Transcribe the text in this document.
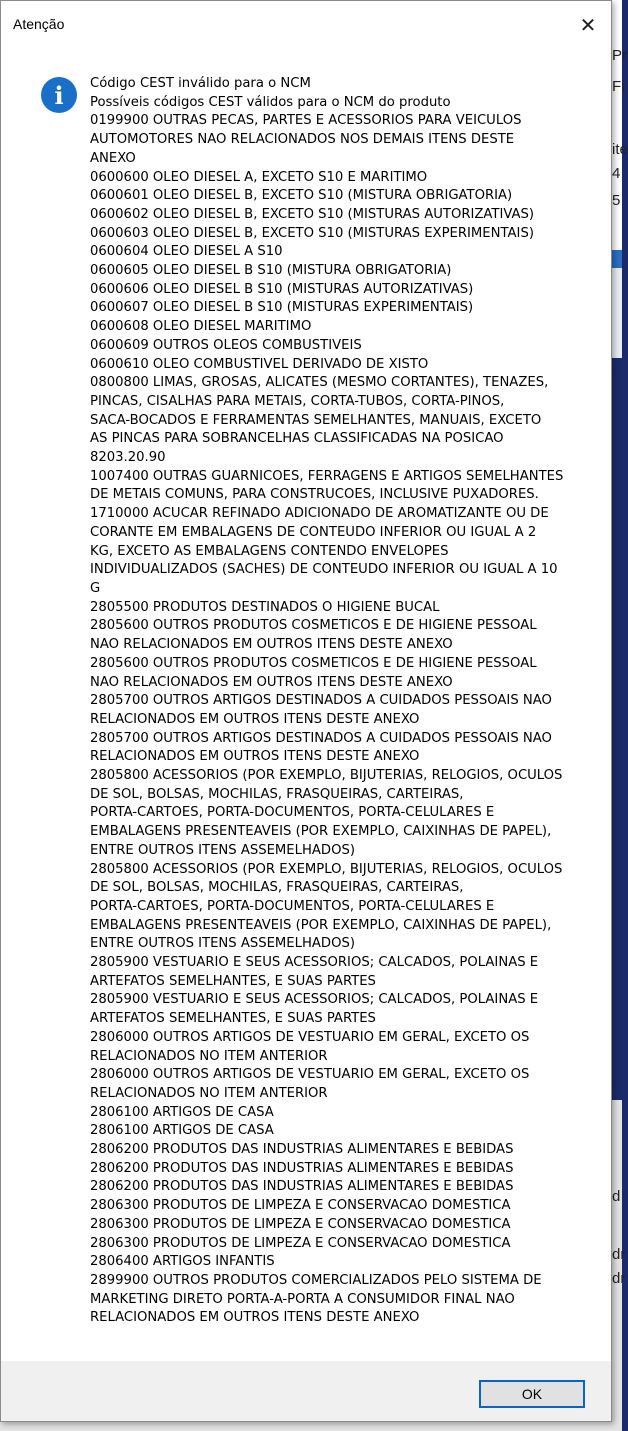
Pr
Fi
ite
4
5
d
dr
dr
Atenção	✕
i	Código CEST inválido para o NCM
Possíveis códigos CEST válidos para o NCM do produto
0199900 OUTRAS PECAS, PARTES E ACESSORIOS PARA VEICULOS
AUTOMOTORES NAO RELACIONADOS NOS DEMAIS ITENS DESTE
ANEXO
0600600 OLEO DIESEL A, EXCETO S10 E MARITIMO
0600601 OLEO DIESEL B, EXCETO S10 (MISTURA OBRIGATORIA)
0600602 OLEO DIESEL B, EXCETO S10 (MISTURAS AUTORIZATIVAS)
0600603 OLEO DIESEL B, EXCETO S10 (MISTURAS EXPERIMENTAIS)
0600604 OLEO DIESEL A S10
0600605 OLEO DIESEL B S10 (MISTURA OBRIGATORIA)
0600606 OLEO DIESEL B S10 (MISTURAS AUTORIZATIVAS)
0600607 OLEO DIESEL B S10 (MISTURAS EXPERIMENTAIS)
0600608 OLEO DIESEL MARITIMO
0600609 OUTROS OLEOS COMBUSTIVEIS
0600610 OLEO COMBUSTIVEL DERIVADO DE XISTO
0800800 LIMAS, GROSAS, ALICATES (MESMO CORTANTES), TENAZES,
PINCAS, CISALHAS PARA METAIS, CORTA-TUBOS, CORTA-PINOS,
SACA-BOCADOS E FERRAMENTAS SEMELHANTES, MANUAIS, EXCETO
AS PINCAS PARA SOBRANCELHAS CLASSIFICADAS NA POSICAO
8203.20.90
1007400 OUTRAS GUARNICOES, FERRAGENS E ARTIGOS SEMELHANTES
DE METAIS COMUNS, PARA CONSTRUCOES, INCLUSIVE PUXADORES.
1710000 ACUCAR REFINADO ADICIONADO DE AROMATIZANTE OU DE
CORANTE EM EMBALAGENS DE CONTEUDO INFERIOR OU IGUAL A 2
KG, EXCETO AS EMBALAGENS CONTENDO ENVELOPES
INDIVIDUALIZADOS (SACHES) DE CONTEUDO INFERIOR OU IGUAL A 10
G
2805500 PRODUTOS DESTINADOS O HIGIENE BUCAL
2805600 OUTROS PRODUTOS COSMETICOS E DE HIGIENE PESSOAL
NAO RELACIONADOS EM OUTROS ITENS DESTE ANEXO
2805600 OUTROS PRODUTOS COSMETICOS E DE HIGIENE PESSOAL
NAO RELACIONADOS EM OUTROS ITENS DESTE ANEXO
2805700 OUTROS ARTIGOS DESTINADOS A CUIDADOS PESSOAIS NAO
RELACIONADOS EM OUTROS ITENS DESTE ANEXO
2805700 OUTROS ARTIGOS DESTINADOS A CUIDADOS PESSOAIS NAO
RELACIONADOS EM OUTROS ITENS DESTE ANEXO
2805800 ACESSORIOS (POR EXEMPLO, BIJUTERIAS, RELOGIOS, OCULOS
DE SOL, BOLSAS, MOCHILAS, FRASQUEIRAS, CARTEIRAS,
PORTA-CARTOES, PORTA-DOCUMENTOS, PORTA-CELULARES E
EMBALAGENS PRESENTEAVEIS (POR EXEMPLO, CAIXINHAS DE PAPEL),
ENTRE OUTROS ITENS ASSEMELHADOS)
2805800 ACESSORIOS (POR EXEMPLO, BIJUTERIAS, RELOGIOS, OCULOS
DE SOL, BOLSAS, MOCHILAS, FRASQUEIRAS, CARTEIRAS,
PORTA-CARTOES, PORTA-DOCUMENTOS, PORTA-CELULARES E
EMBALAGENS PRESENTEAVEIS (POR EXEMPLO, CAIXINHAS DE PAPEL),
ENTRE OUTROS ITENS ASSEMELHADOS)
2805900 VESTUARIO E SEUS ACESSORIOS; CALCADOS, POLAINAS E
ARTEFATOS SEMELHANTES, E SUAS PARTES
2805900 VESTUARIO E SEUS ACESSORIOS; CALCADOS, POLAINAS E
ARTEFATOS SEMELHANTES, E SUAS PARTES
2806000 OUTROS ARTIGOS DE VESTUARIO EM GERAL, EXCETO OS
RELACIONADOS NO ITEM ANTERIOR
2806000 OUTROS ARTIGOS DE VESTUARIO EM GERAL, EXCETO OS
RELACIONADOS NO ITEM ANTERIOR
2806100 ARTIGOS DE CASA
2806100 ARTIGOS DE CASA
2806200 PRODUTOS DAS INDUSTRIAS ALIMENTARES E BEBIDAS
2806200 PRODUTOS DAS INDUSTRIAS ALIMENTARES E BEBIDAS
2806200 PRODUTOS DAS INDUSTRIAS ALIMENTARES E BEBIDAS
2806300 PRODUTOS DE LIMPEZA E CONSERVACAO DOMESTICA
2806300 PRODUTOS DE LIMPEZA E CONSERVACAO DOMESTICA
2806300 PRODUTOS DE LIMPEZA E CONSERVACAO DOMESTICA
2806400 ARTIGOS INFANTIS
2899900 OUTROS PRODUTOS COMERCIALIZADOS PELO SISTEMA DE
MARKETING DIRETO PORTA-A-PORTA A CONSUMIDOR FINAL NAO
RELACIONADOS EM OUTROS ITENS DESTE ANEXO
OK
